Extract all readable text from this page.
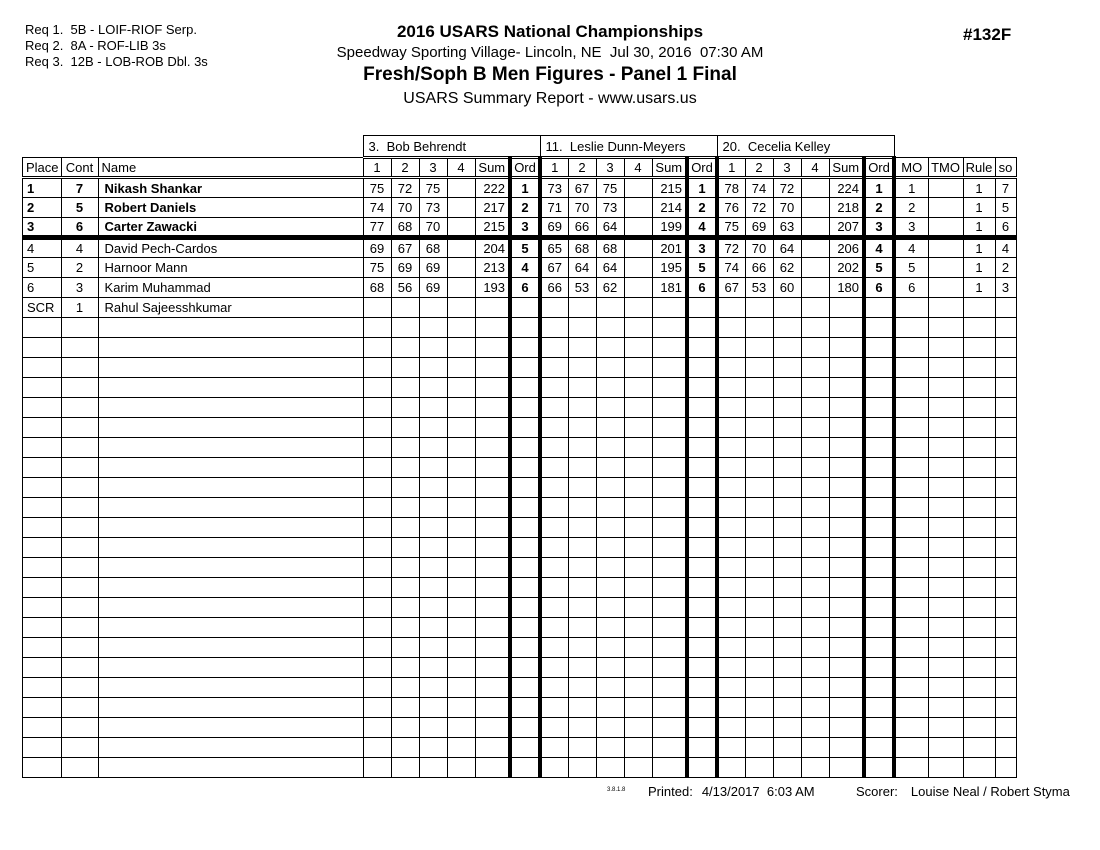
Req 1.  5B - LOIF-RIOF Serp.
Req 2.  8A - ROF-LIB 3s
Req 3.  12B - LOB-ROB Dbl. 3s
2016 USARS National Championships
Speedway Sporting Village- Lincoln, NE  Jul 30, 2016  07:30 AM
Fresh/Soph B Men Figures - Panel 1 Final
USARS Summary Report - www.usars.us
#132F
			3.  Bob Behrendt						11.  Leslie Dunn-Meyers						20.  Cecelia Kelley									
Place	Cont	Name	1	2	3	4	Sum	Ord	1	2	3	4	Sum	Ord	1	2	3	4	Sum	Ord	MO	TMO	Rule	so
1	7	Nikash Shankar	75	72	75		222	1	73	67	75		215	1	78	74	72		224	1	1		1	7
2	5	Robert Daniels	74	70	73		217	2	71	70	73		214	2	76	72	70		218	2	2		1	5
3	6	Carter Zawacki	77	68	70		215	3	69	66	64		199	4	75	69	63		207	3	3		1	6
4	4	David Pech-Cardos	69	67	68		204	5	65	68	68		201	3	72	70	64		206	4	4		1	4
5	2	Harnoor Mann	75	69	69		213	4	67	64	64		195	5	74	66	62		202	5	5		1	2
6	3	Karim Muhammad	68	56	69		193	6	66	53	62		181	6	67	53	60		180	6	6		1	3
SCR	1	Rahul Sajeesshkumar																						

3.8.1.8 Printed: 4/13/2017  6:03 AM	Scorer: Louise Neal / Robert Styma
